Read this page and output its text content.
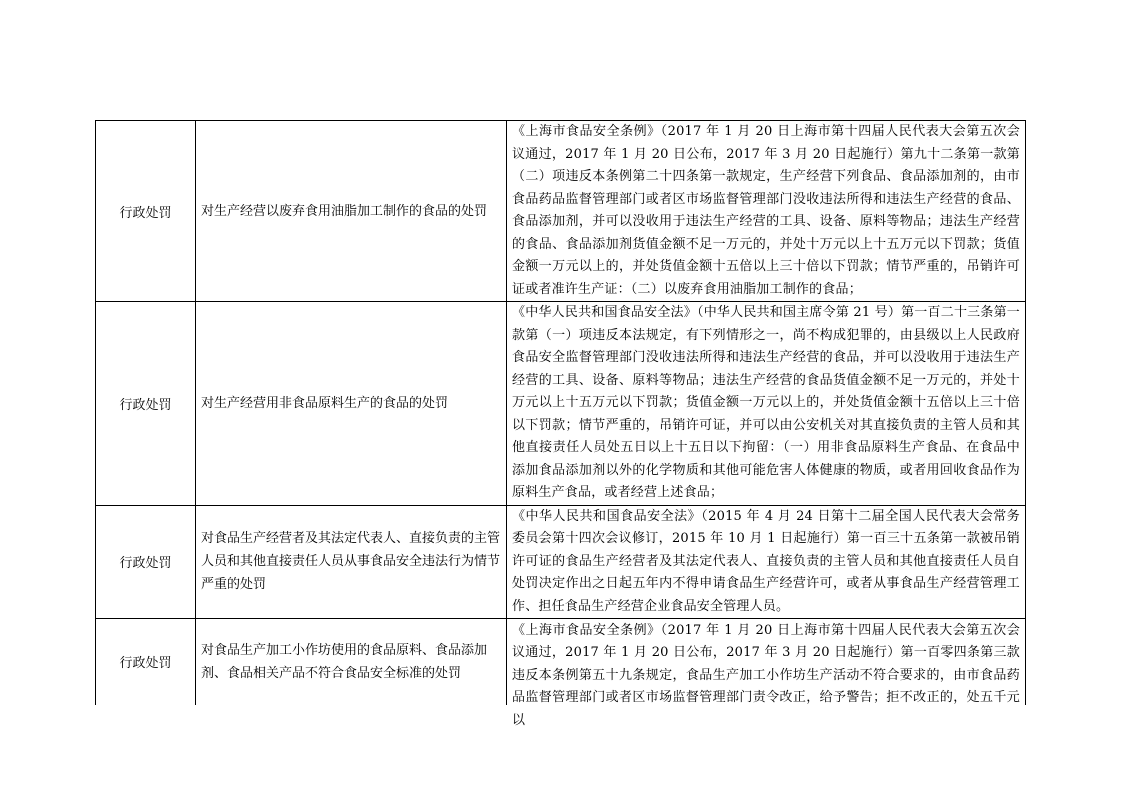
行政处罚	对生产经营以废弃食用油脂加工制作的食品的处罚	《上海市食品安全条例》（2017 年 1 月 20 日上海市第十四届人民代表大会第五次会议通过，2017 年 1 月 20 日公布，2017 年 3 月 20 日起施行）第九十二条第一款第（二）项违反本条例第二十四条第一款规定，生产经营下列食品、食品添加剂的，由市食品药品监督管理部门或者区市场监督管理部门没收违法所得和违法生产经营的食品、食品添加剂，并可以没收用于违法生产经营的工具、设备、原料等物品；违法生产经营的食品、食品添加剂货值金额不足一万元的，并处十万元以上十五万元以下罚款；货值金额一万元以上的，并处货值金额十五倍以上三十倍以下罚款；情节严重的，吊销许可证或者准许生产证：（二）以废弃食用油脂加工制作的食品；

行政处罚	对生产经营用非食品原料生产的食品的处罚	《中华人民共和国食品安全法》（中华人民共和国主席令第 21 号）第一百二十三条第一款第（一）项违反本法规定，有下列情形之一，尚不构成犯罪的，由县级以上人民政府食品安全监督管理部门没收违法所得和违法生产经营的食品，并可以没收用于违法生产经营的工具、设备、原料等物品；违法生产经营的食品货值金额不足一万元的，并处十万元以上十五万元以下罚款；货值金额一万元以上的，并处货值金额十五倍以上三十倍以下罚款；情节严重的，吊销许可证，并可以由公安机关对其直接负责的主管人员和其他直接责任人员处五日以上十五日以下拘留：（一）用非食品原料生产食品、在食品中添加食品添加剂以外的化学物质和其他可能危害人体健康的物质，或者用回收食品作为原料生产食品，或者经营上述食品；

行政处罚	对食品生产经营者及其法定代表人、直接负责的主管人员和其他直接责任人员从事食品安全违法行为情节严重的处罚	《中华人民共和国食品安全法》（2015 年 4 月 24 日第十二届全国人民代表大会常务委员会第十四次会议修订，2015 年 10 月 1 日起施行）第一百三十五条第一款被吊销许可证的食品生产经营者及其法定代表人、直接负责的主管人员和其他直接责任人员自处罚决定作出之日起五年内不得申请食品生产经营许可，或者从事食品生产经营管理工作、担任食品生产经营企业食品安全管理人员。

行政处罚	对食品生产加工小作坊使用的食品原料、食品添加剂、食品相关产品不符合食品安全标准的处罚	《上海市食品安全条例》（2017 年 1 月 20 日上海市第十四届人民代表大会第五次会议通过，2017 年 1 月 20 日公布，2017 年 3 月 20 日起施行）第一百零四条第三款违反本条例第五十九条规定，食品生产加工小作坊生产活动不符合要求的，由市食品药品监督管理部门或者区市场监督管理部门责令改正，给予警告；拒不改正的，处五千元以
